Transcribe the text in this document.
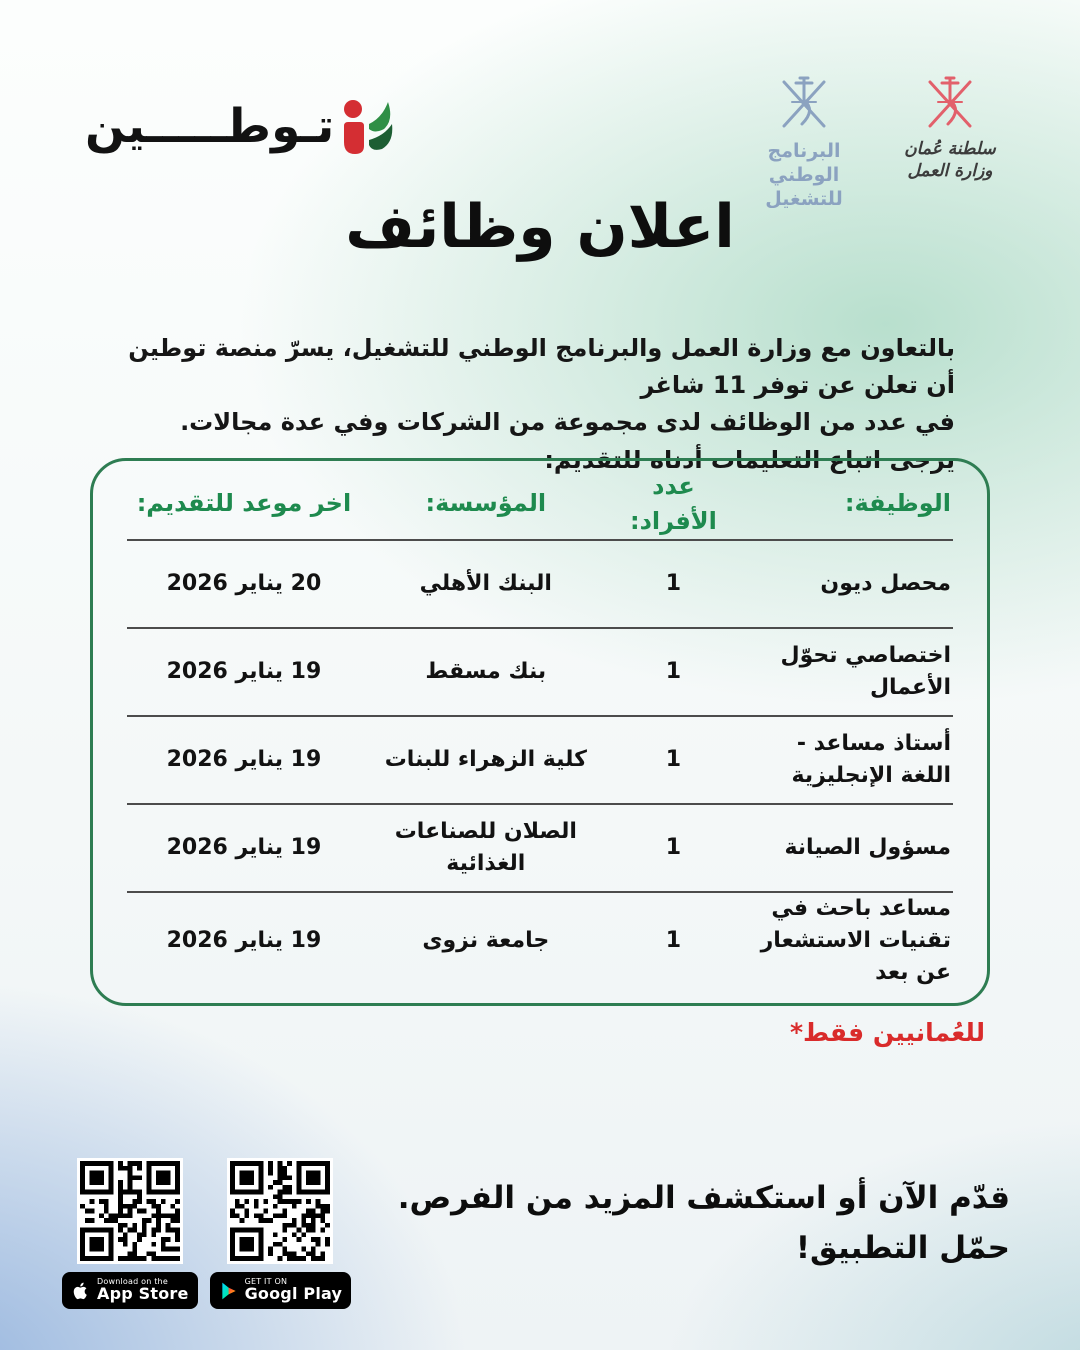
تـوطـــــين	البرنامج الوطني
للتشغيل
سلطنة عُمان
وزارة العمل
اعلان وظائف
بالتعاون مع وزارة العمل والبرنامج الوطني للتشغيل، يسرّ منصة توطين أن تعلن عن توفر 11 شاغر
في عدد من الوظائف لدى مجموعة من الشركات وفي عدة مجالات.
يرجى اتباع التعليمات أدناه للتقديم:
الوظيفة:
عدد الأفراد:
المؤسسة:
اخر موعد للتقديم:
محصل ديون
1
البنك الأهلي
20 يناير 2026
اختصاصي تحوّل الأعمال
1
بنك مسقط
19 يناير 2026
أستاذ مساعد - اللغة الإنجليزية
1
كلية الزهراء للبنات
19 يناير 2026
مسؤول الصيانة
1
الصلان للصناعات الغذائية
19 يناير 2026
مساعد باحث في تقنيات الاستشعار عن بعد
1
جامعة نزوى
19 يناير 2026
للعُمانيين فقط*
قدّم الآن أو استكشف المزيد من الفرص.
حمّل التطبيق!
Download on the
App Store
GET IT ON
Googl Play
